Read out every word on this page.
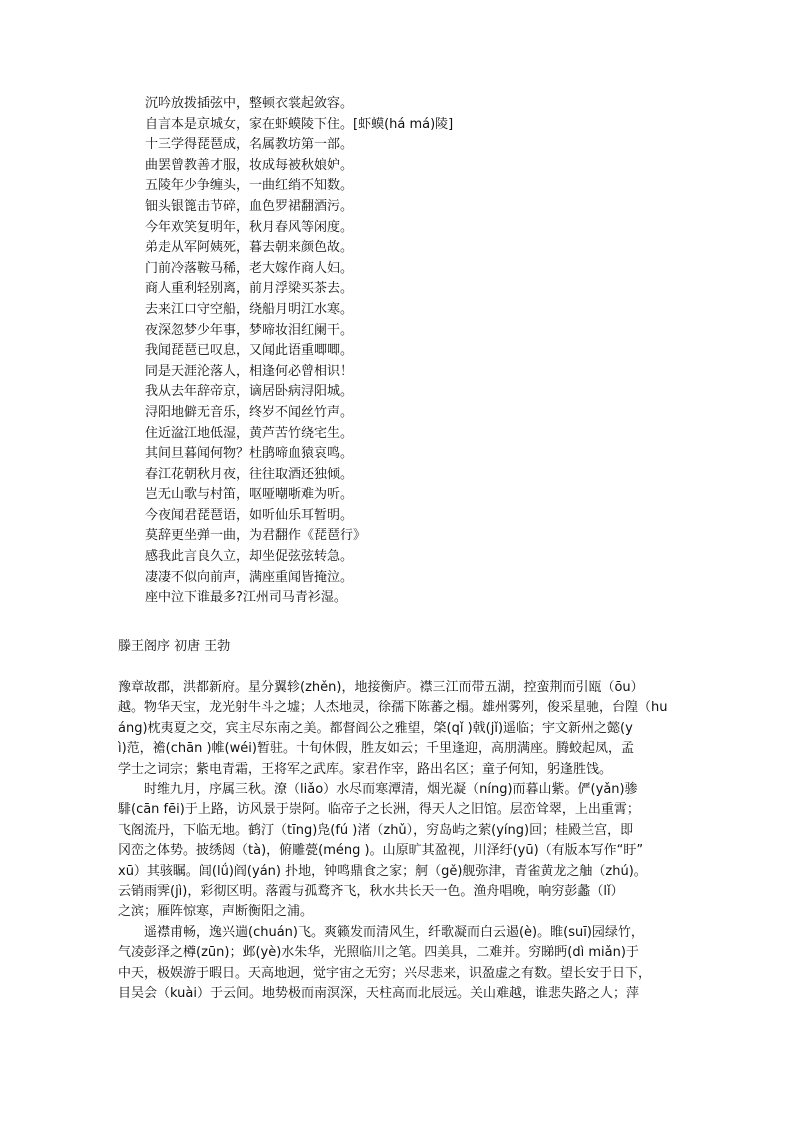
沉吟放拨插弦中，整顿衣裳起敛容。
自言本是京城女，家在虾蟆陵下住。[虾蟆(há má)陵]
十三学得琵琶成，名属教坊第一部。
曲罢曾教善才服，妆成每被秋娘妒。
五陵年少争缠头，一曲红绡不知数。
钿头银篦击节碎，血色罗裙翻酒污。
今年欢笑复明年，秋月春风等闲度。
弟走从军阿姨死，暮去朝来颜色故。
门前冷落鞍马稀，老大嫁作商人妇。
商人重利轻别离，前月浮梁买茶去。
去来江口守空船，绕船月明江水寒。
夜深忽梦少年事，梦啼妆泪红阑干。
我闻琵琶已叹息，又闻此语重唧唧。
同是天涯沦落人，相逢何必曾相识！
我从去年辞帝京，谪居卧病浔阳城。
浔阳地僻无音乐，终岁不闻丝竹声。
住近湓江地低湿，黄芦苦竹绕宅生。
其间旦暮闻何物？杜鹃啼血猿哀鸣。
春江花朝秋月夜，往往取酒还独倾。
岂无山歌与村笛，呕哑嘲哳难为听。
今夜闻君琵琶语，如听仙乐耳暂明。
莫辞更坐弹一曲，为君翻作《琵琶行》
感我此言良久立，却坐促弦弦转急。
凄凄不似向前声，满座重闻皆掩泣。
座中泣下谁最多?江州司马青衫湿。
滕王阁序 初唐 王勃
豫章故郡，洪都新府。星分翼轸(zhěn)，地接衡庐。襟三江而带五湖，控蛮荆而引瓯（ōu）
越。物华天宝，龙光射牛斗之墟；人杰地灵，徐孺下陈蕃之榻。雄州雾列，俊采星驰，台隍（hu
áng)枕夷夏之交，宾主尽东南之美。都督阎公之雅望，棨(qǐ )戟(jǐ)遥临；宇文新州之懿(y
ì)范，襜(chān )帷(wéi)暂驻。十旬休假，胜友如云；千里逢迎，高朋满座。腾蛟起凤，孟
学士之词宗；紫电青霜，王将军之武库。家君作宰，路出名区；童子何知，躬逢胜饯。
时维九月，序属三秋。潦（liǎo）水尽而寒潭清，烟光凝（níng)而暮山紫。俨(yǎn)骖
騑(cān fēi)于上路，访风景于崇阿。临帝子之长洲，得天人之旧馆。层峦耸翠，上出重霄；
飞阁流丹，下临无地。鹤汀（tīng)凫(fú )渚（zhǔ），穷岛屿之萦(yíng)回；桂殿兰宫，即
冈峦之体势。披绣闼（tà)，俯雕甍(méng )。山原旷其盈视，川泽纡(yū)（有版本写作“盱”
xū）其骇瞩。闾(lǘ)阎(yán) 扑地，钟鸣鼎食之家；舸（gě)舰弥津，青雀黄龙之舳（zhú)。
云销雨霁(jì)，彩彻区明。落霞与孤鹜齐飞，秋水共长天一色。渔舟唱晚，响穷彭蠡（lǐ）
之滨；雁阵惊寒，声断衡阳之浦。
遥襟甫畅，逸兴遄(chuán)飞。爽籁发而清风生，纤歌凝而白云遏(è)。睢(suī)园绿竹，
气凌彭泽之樽(zūn)；邺(yè)水朱华，光照临川之笔。四美具，二难并。穷睇眄(dì miǎn)于
中天，极娱游于暇日。天高地迥，觉宇宙之无穷；兴尽悲来，识盈虚之有数。望长安于日下，
目吴会（kuài）于云间。地势极而南溟深，天柱高而北辰远。关山难越，谁悲失路之人；萍
